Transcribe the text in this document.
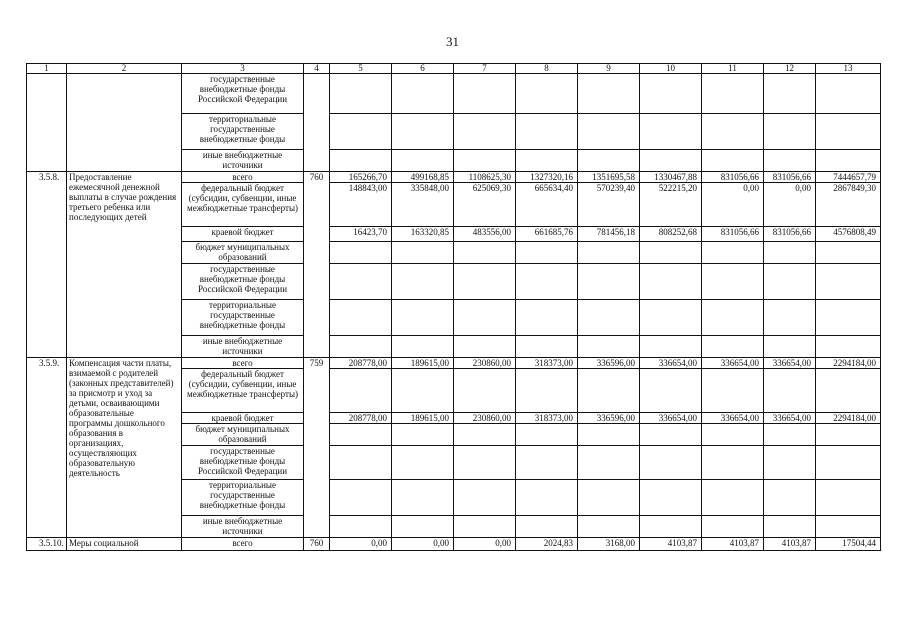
31
1	2	3	4	5	6	7	8	9	10	11	12	13
		государственные внебюджетные фонды Российской Федерации										
		территориальные государственные внебюджетные фонды										
		иные внебюджетные источники										
3.5.8.	Предоставление ежемесячной денежной выплаты в случае рождения третьего ребенка или последующих детей	всего	760	165266,70	499168,85	1108625,30	1327320,16	1351695,58	1330467,88	831056,66	831056,66	7444657,79
		федеральный бюджет (субсидии, субвенции, иные межбюджетные трансферты)		148843,00	335848,00	625069,30	665634,40	570239,40	522215,20	0,00	0,00	2867849,30
		краевой бюджет		16423,70	163320,85	483556,00	661685,76	781456,18	808252,68	831056,66	831056,66	4576808,49
		бюджет муниципальных образований										
		государственные внебюджетные фонды Российской Федерации										
		территориальные государственные внебюджетные фонды										
		иные внебюджетные источники										
3.5.9.	Компенсация части платы, взимаемой с родителей (законных представителей) за присмотр и уход за детьми, осваивающими образовательные программы дошкольного образования в организациях, осуществляющих образовательную деятельность	всего	759	208778,00	189615,00	230860,00	318373,00	336596,00	336654,00	336654,00	336654,00	2294184,00
		федеральный бюджет (субсидии, субвенции, иные межбюджетные трансферты)										
		краевой бюджет		208778,00	189615,00	230860,00	318373,00	336596,00	336654,00	336654,00	336654,00	2294184,00
		бюджет муниципальных образований										
		государственные внебюджетные фонды Российской Федерации										
		территориальные государственные внебюджетные фонды										
		иные внебюджетные источники										
3.5.10.	Меры социальной	всего	760	0,00	0,00	0,00	2024,83	3168,00	4103,87	4103,87	4103,87	17504,44
